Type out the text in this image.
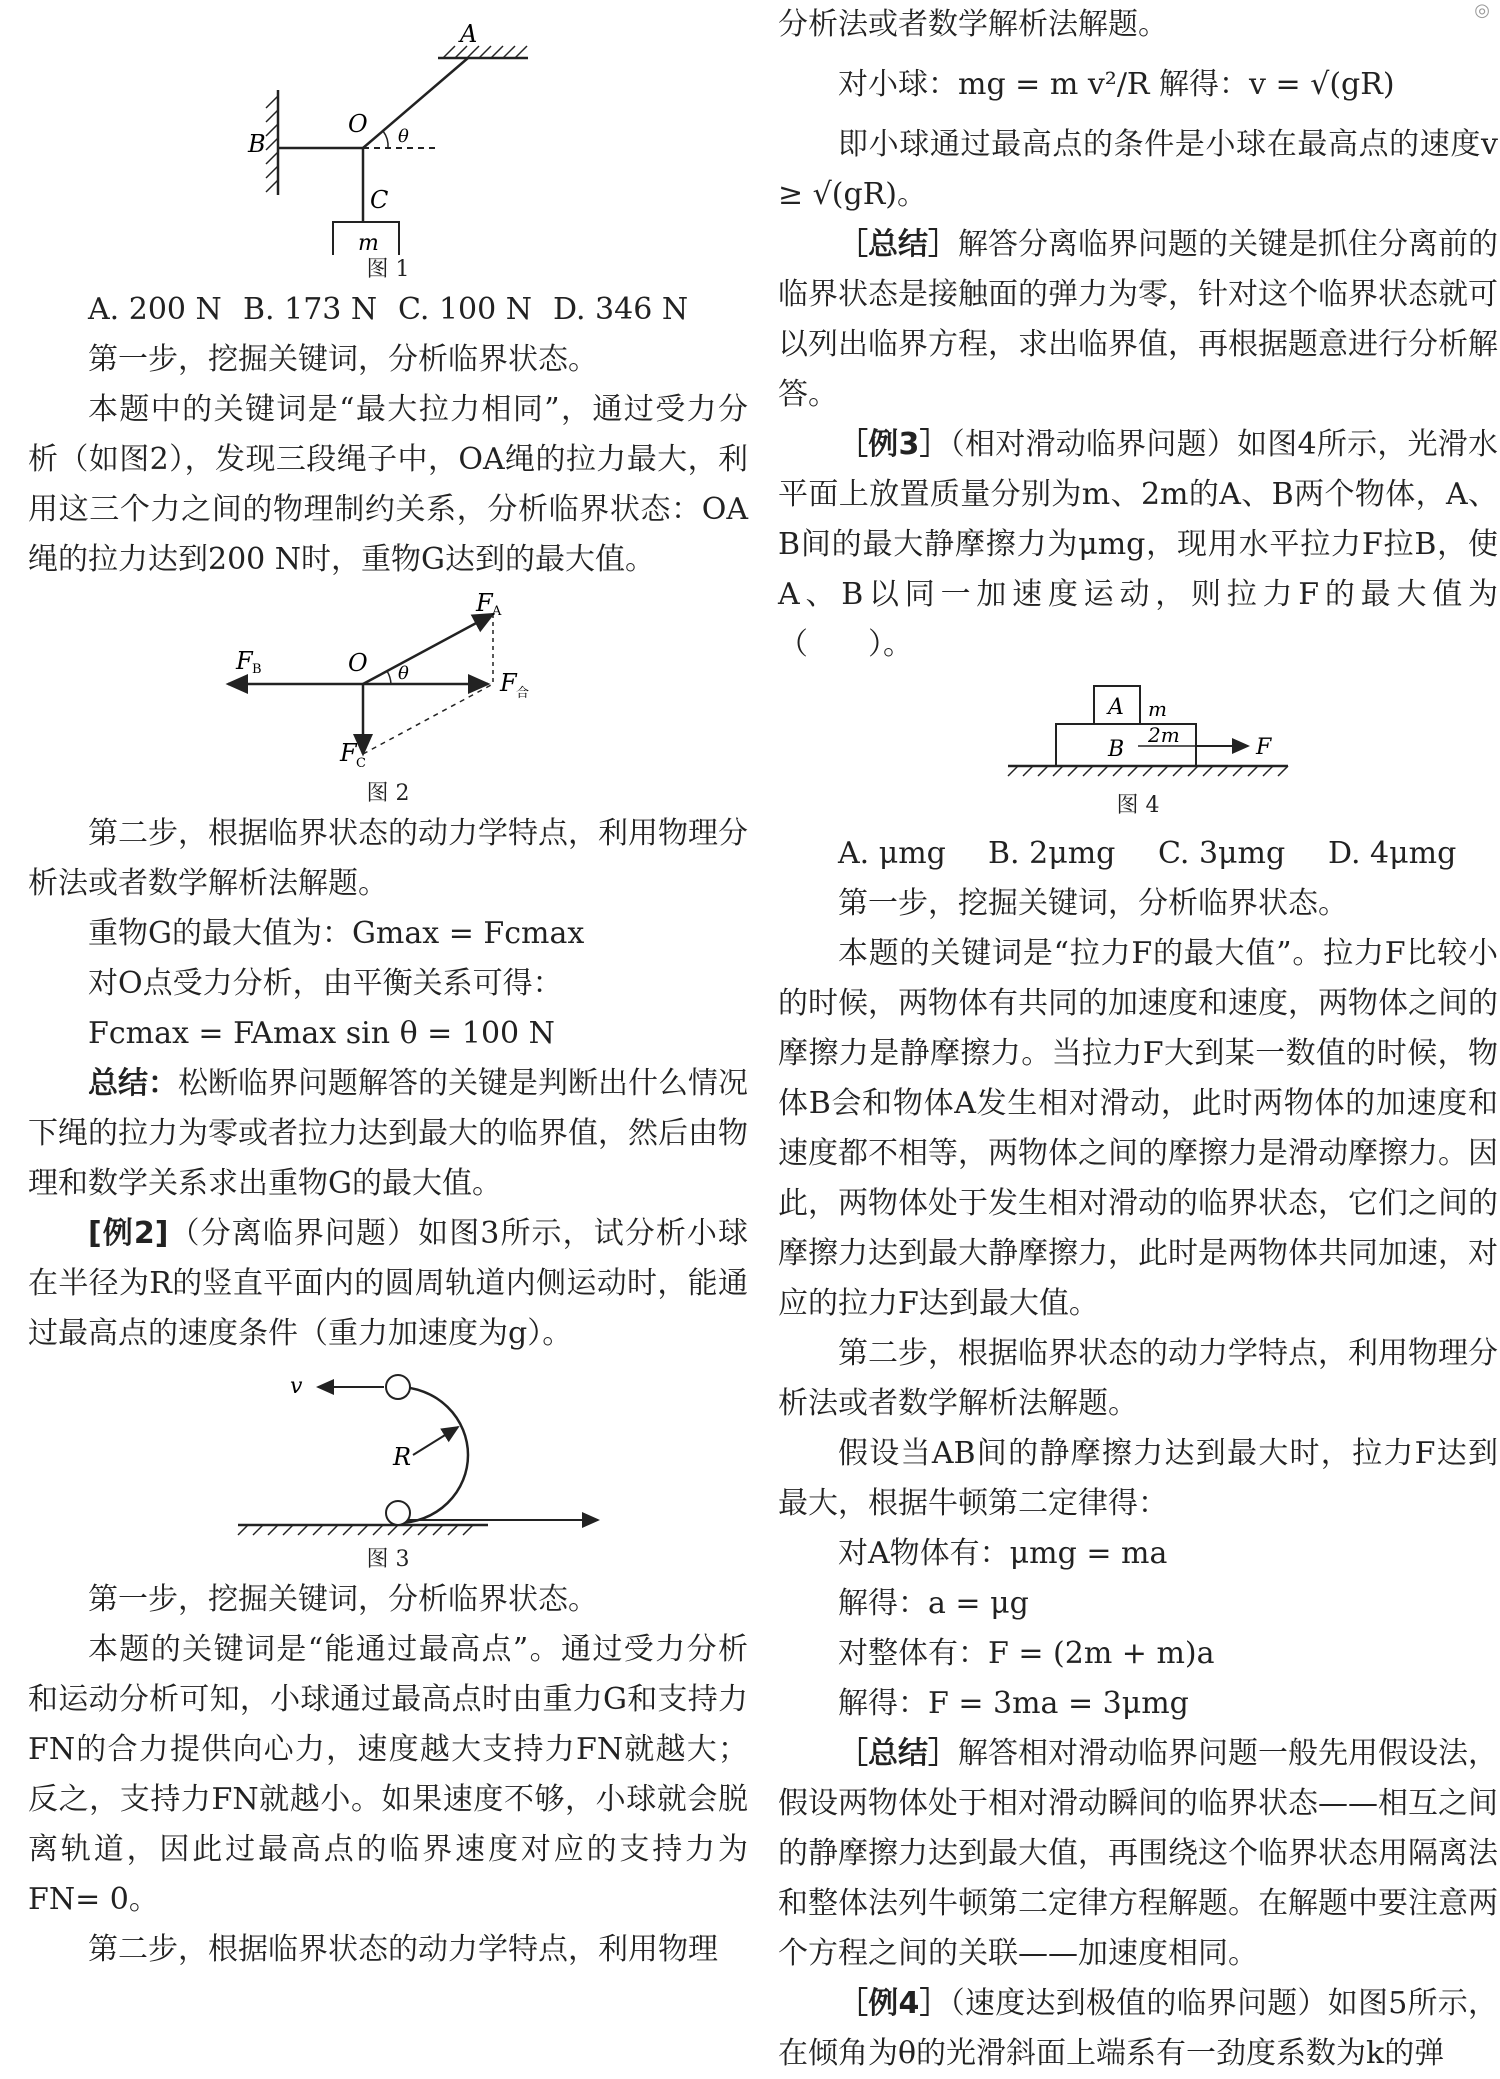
◎
A
B
O θ
C
m

图 1

A. 200 N B. 173 N C. 100 N D. 346 N

第一步，挖掘关键词，分析临界状态。

本题中的关键词是“最大拉力相同”，通过受力分析（如图2），发现三段绳子中，OA绳的拉力最大，利用这三个力之间的物理制约关系，分析临界状态：OA绳的拉力达到200 N时，重物G达到的最大值。

F B	O θ
F A
F 合
F C

图 2

第二步，根据临界状态的动力学特点，利用物理分析法或者数学解析法解题。

重物G的最大值为：Gmax = Fcmax

对O点受力分析，由平衡关系可得：

Fcmax = FAmax sin θ = 100 N

总结：松断临界问题解答的关键是判断出什么情况下绳的拉力为零或者拉力达到最大的临界值，然后由物理和数学关系求出重物G的最大值。

[例2]（分离临界问题）如图3所示，试分析小球在半径为R的竖直平面内的圆周轨道内侧运动时，能通过最高点的速度条件（重力加速度为g）。

v
R

图 3

第一步，挖掘关键词，分析临界状态。

本题的关键词是“能通过最高点”。通过受力分析和运动分析可知，小球通过最高点时由重力G和支持力FN的合力提供向心力，速度越大支持力FN就越大；反之，支持力FN就越小。如果速度不够，小球就会脱离轨道，因此过最高点的临界速度对应的支持力为FN= 0。

第二步，根据临界状态的动力学特点，利用物理

分析法或者数学解析法解题。

对小球：mg = m v²/R 解得：v = √(gR)

即小球通过最高点的条件是小球在最高点的速度v ≥ √(gR)。

［总结］解答分离临界问题的关键是抓住分离前的临界状态是接触面的弹力为零，针对这个临界状态就可以列出临界方程，求出临界值，再根据题意进行分析解答。

［例3］（相对滑动临界问题）如图4所示，光滑水平面上放置质量分别为m、2m的A、B两个物体，A、B间的最大静摩擦力为μmg，现用水平拉力F拉B，使A、B以同一加速度运动，则拉力F的最大值为（　　）。

A m
B
2m	F

图 4

A. μmg	B. 2μmg	C. 3μmg	D. 4μmg

第一步，挖掘关键词，分析临界状态。

本题的关键词是“拉力F的最大值”。拉力F比较小的时候，两物体有共同的加速度和速度，两物体之间的摩擦力是静摩擦力。当拉力F大到某一数值的时候，物体B会和物体A发生相对滑动，此时两物体的加速度和速度都不相等，两物体之间的摩擦力是滑动摩擦力。因此，两物体处于发生相对滑动的临界状态，它们之间的摩擦力达到最大静摩擦力，此时是两物体共同加速，对应的拉力F达到最大值。

第二步，根据临界状态的动力学特点，利用物理分析法或者数学解析法解题。

假设当AB间的静摩擦力达到最大时，拉力F达到最大，根据牛顿第二定律得：

对A物体有：μmg = ma

解得：a = μg

对整体有：F = (2m + m)a

解得：F = 3ma = 3μmg

［总结］解答相对滑动临界问题一般先用假设法，假设两物体处于相对滑动瞬间的临界状态——相互之间的静摩擦力达到最大值，再围绕这个临界状态用隔离法和整体法列牛顿第二定律方程解题。在解题中要注意两个方程之间的关联——加速度相同。

［例4］（速度达到极值的临界问题）如图5所示，在倾角为θ的光滑斜面上端系有一劲度系数为k的弹
